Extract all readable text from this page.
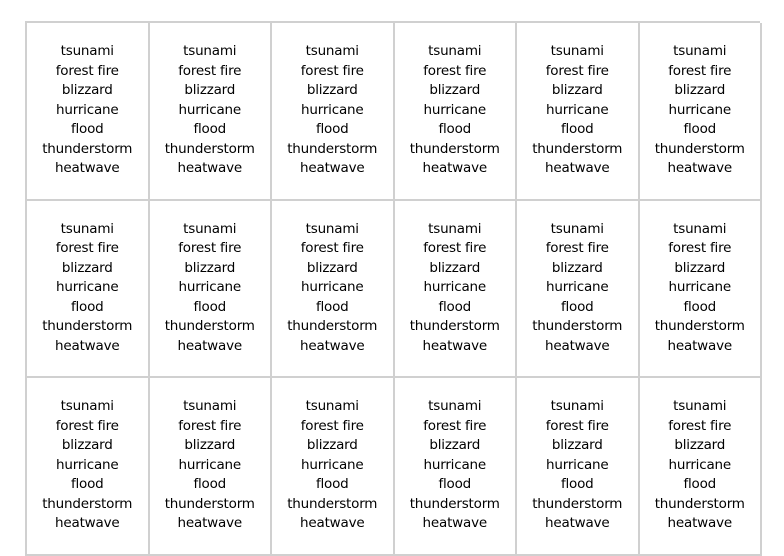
tsunami
forest fire
blizzard
hurricane
flood
thunderstorm
heatwave
tsunami
forest fire
blizzard
hurricane
flood
thunderstorm
heatwave
tsunami
forest fire
blizzard
hurricane
flood
thunderstorm
heatwave
tsunami
forest fire
blizzard
hurricane
flood
thunderstorm
heatwave
tsunami
forest fire
blizzard
hurricane
flood
thunderstorm
heatwave
tsunami
forest fire
blizzard
hurricane
flood
thunderstorm
heatwave
tsunami
forest fire
blizzard
hurricane
flood
thunderstorm
heatwave
tsunami
forest fire
blizzard
hurricane
flood
thunderstorm
heatwave
tsunami
forest fire
blizzard
hurricane
flood
thunderstorm
heatwave
tsunami
forest fire
blizzard
hurricane
flood
thunderstorm
heatwave
tsunami
forest fire
blizzard
hurricane
flood
thunderstorm
heatwave
tsunami
forest fire
blizzard
hurricane
flood
thunderstorm
heatwave
tsunami
forest fire
blizzard
hurricane
flood
thunderstorm
heatwave
tsunami
forest fire
blizzard
hurricane
flood
thunderstorm
heatwave
tsunami
forest fire
blizzard
hurricane
flood
thunderstorm
heatwave
tsunami
forest fire
blizzard
hurricane
flood
thunderstorm
heatwave
tsunami
forest fire
blizzard
hurricane
flood
thunderstorm
heatwave
tsunami
forest fire
blizzard
hurricane
flood
thunderstorm
heatwave
